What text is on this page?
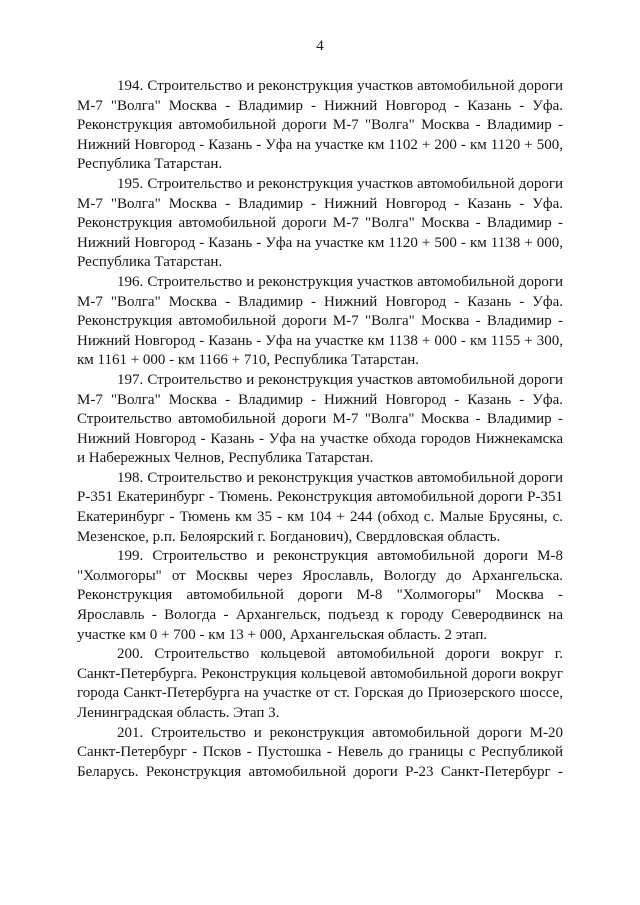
4

194. Строительство и реконструкция участков автомобильной дороги М-7 "Волга" Москва - Владимир - Нижний Новгород - Казань - Уфа. Реконструкция автомобильной дороги М-7 "Волга" Москва - Владимир - Нижний Новгород - Казань - Уфа на участке км 1102 + 200 - км 1120 + 500, Республика Татарстан.

195. Строительство и реконструкция участков автомобильной дороги М-7 "Волга" Москва - Владимир - Нижний Новгород - Казань - Уфа. Реконструкция автомобильной дороги М-7 "Волга" Москва - Владимир - Нижний Новгород - Казань - Уфа на участке км 1120 + 500 - км 1138 + 000, Республика Татарстан.

196. Строительство и реконструкция участков автомобильной дороги М-7 "Волга" Москва - Владимир - Нижний Новгород - Казань - Уфа. Реконструкция автомобильной дороги М-7 "Волга" Москва - Владимир - Нижний Новгород - Казань - Уфа на участке км 1138 + 000 - км 1155 + 300, км 1161 + 000 - км 1166 + 710, Республика Татарстан.

197. Строительство и реконструкция участков автомобильной дороги М-7 "Волга" Москва - Владимир - Нижний Новгород - Казань - Уфа. Строительство автомобильной дороги М-7 "Волга" Москва - Владимир - Нижний Новгород - Казань - Уфа на участке обхода городов Нижнекамска и Набережных Челнов, Республика Татарстан.

198. Строительство и реконструкция участков автомобильной дороги Р-351 Екатеринбург - Тюмень. Реконструкция автомобильной дороги Р-351 Екатеринбург - Тюмень км 35 - км 104 + 244 (обход с. Малые Брусяны, с. Мезенское, р.п. Белоярский г. Богданович), Свердловская область.

199. Строительство и реконструкция автомобильной дороги М-8 "Холмогоры" от Москвы через Ярославль, Вологду до Архангельска. Реконструкция автомобильной дороги М-8 "Холмогоры" Москва - Ярославль - Вологда - Архангельск, подъезд к городу Северодвинск на участке км 0 + 700 - км 13 + 000, Архангельская область. 2 этап.

200. Строительство кольцевой автомобильной дороги вокруг г. Санкт-Петербурга. Реконструкция кольцевой автомобильной дороги вокруг города Санкт-Петербурга на участке от ст. Горская до Приозерского шоссе, Ленинградская область. Этап 3.

201. Строительство и реконструкция автомобильной дороги М-20 Санкт-Петербург - Псков - Пустошка - Невель до границы с Республикой Беларусь. Реконструкция автомобильной дороги Р-23 Санкт-Петербург -
